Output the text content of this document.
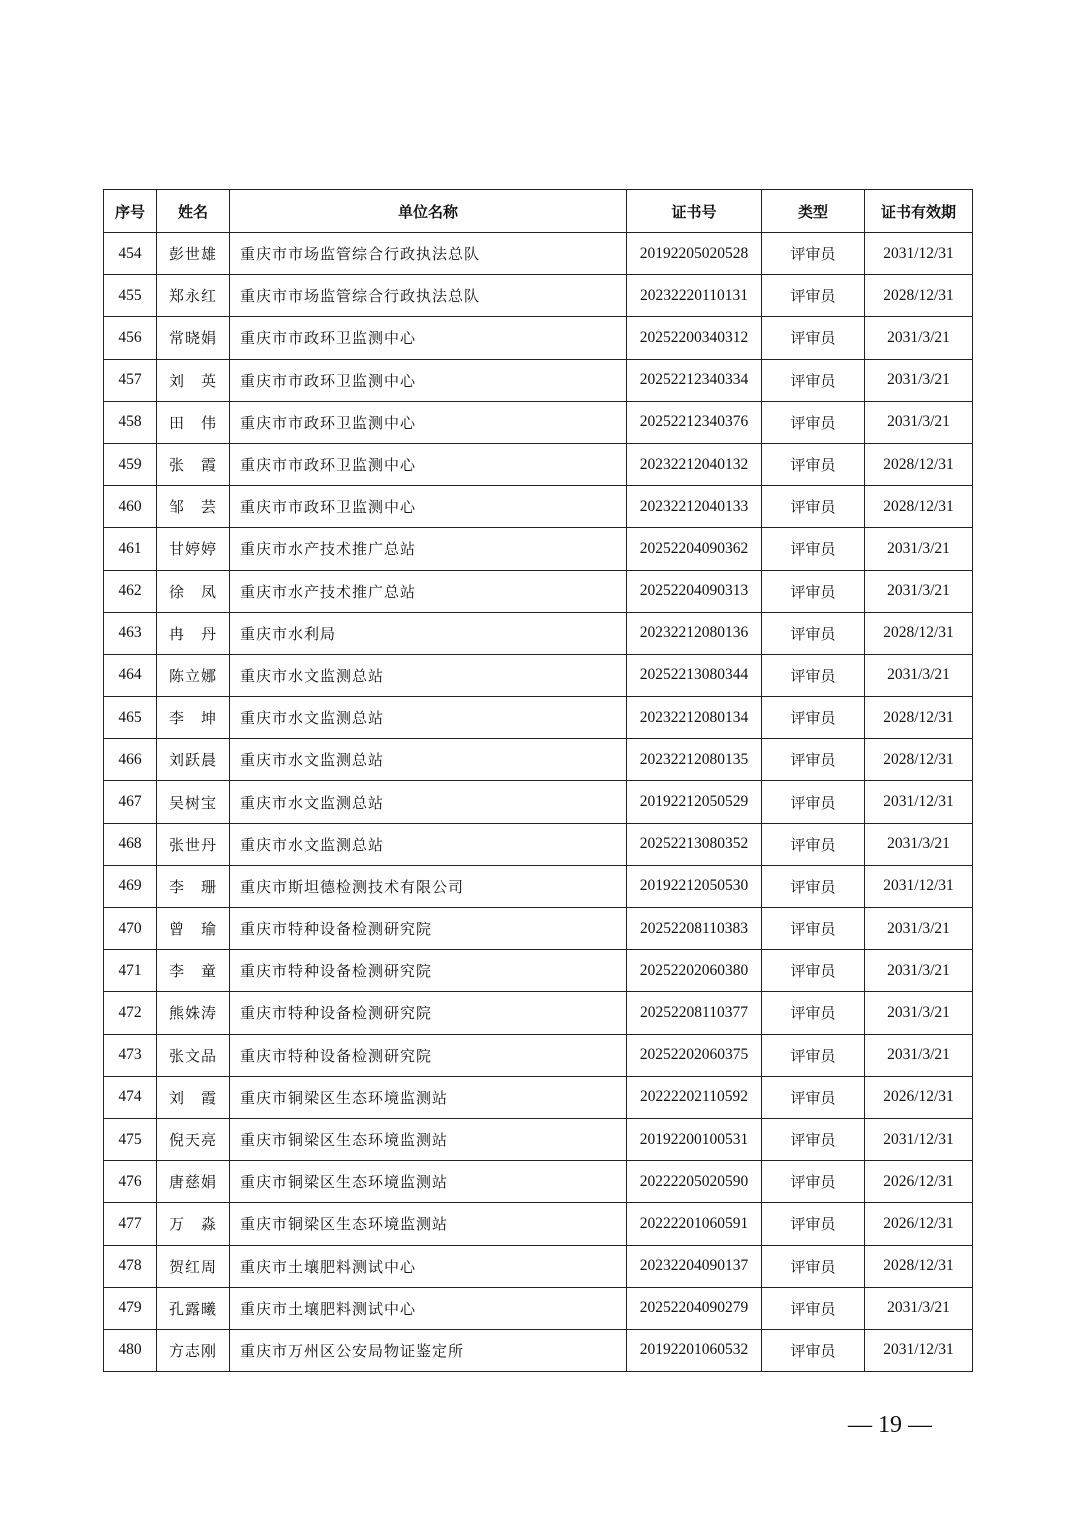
序号	姓名	单位名称	证书号	类型	证书有效期
454	彭世雄	重庆市市场监管综合行政执法总队	20192205020528	评审员	2031/12/31
455	郑永红	重庆市市场监管综合行政执法总队	20232220110131	评审员	2028/12/31
456	常晓娟	重庆市市政环卫监测中心	20252200340312	评审员	2031/3/21
457	刘　英	重庆市市政环卫监测中心	20252212340334	评审员	2031/3/21
458	田　伟	重庆市市政环卫监测中心	20252212340376	评审员	2031/3/21
459	张　霞	重庆市市政环卫监测中心	20232212040132	评审员	2028/12/31
460	邹　芸	重庆市市政环卫监测中心	20232212040133	评审员	2028/12/31
461	甘婷婷	重庆市水产技术推广总站	20252204090362	评审员	2031/3/21
462	徐　凤	重庆市水产技术推广总站	20252204090313	评审员	2031/3/21
463	冉　丹	重庆市水利局	20232212080136	评审员	2028/12/31
464	陈立娜	重庆市水文监测总站	20252213080344	评审员	2031/3/21
465	李　坤	重庆市水文监测总站	20232212080134	评审员	2028/12/31
466	刘跃晨	重庆市水文监测总站	20232212080135	评审员	2028/12/31
467	吴树宝	重庆市水文监测总站	20192212050529	评审员	2031/12/31
468	张世丹	重庆市水文监测总站	20252213080352	评审员	2031/3/21
469	李　珊	重庆市斯坦德检测技术有限公司	20192212050530	评审员	2031/12/31
470	曾　瑜	重庆市特种设备检测研究院	20252208110383	评审员	2031/3/21
471	李　童	重庆市特种设备检测研究院	20252202060380	评审员	2031/3/21
472	熊姝涛	重庆市特种设备检测研究院	20252208110377	评审员	2031/3/21
473	张文品	重庆市特种设备检测研究院	20252202060375	评审员	2031/3/21
474	刘　霞	重庆市铜梁区生态环境监测站	20222202110592	评审员	2026/12/31
475	倪天亮	重庆市铜梁区生态环境监测站	20192200100531	评审员	2031/12/31
476	唐慈娟	重庆市铜梁区生态环境监测站	20222205020590	评审员	2026/12/31
477	万　淼	重庆市铜梁区生态环境监测站	20222201060591	评审员	2026/12/31
478	贺红周	重庆市土壤肥料测试中心	20232204090137	评审员	2028/12/31
479	孔露曦	重庆市土壤肥料测试中心	20252204090279	评审员	2031/3/21
480	方志刚	重庆市万州区公安局物证鉴定所	20192201060532	评审员	2031/12/31
— 19 —
